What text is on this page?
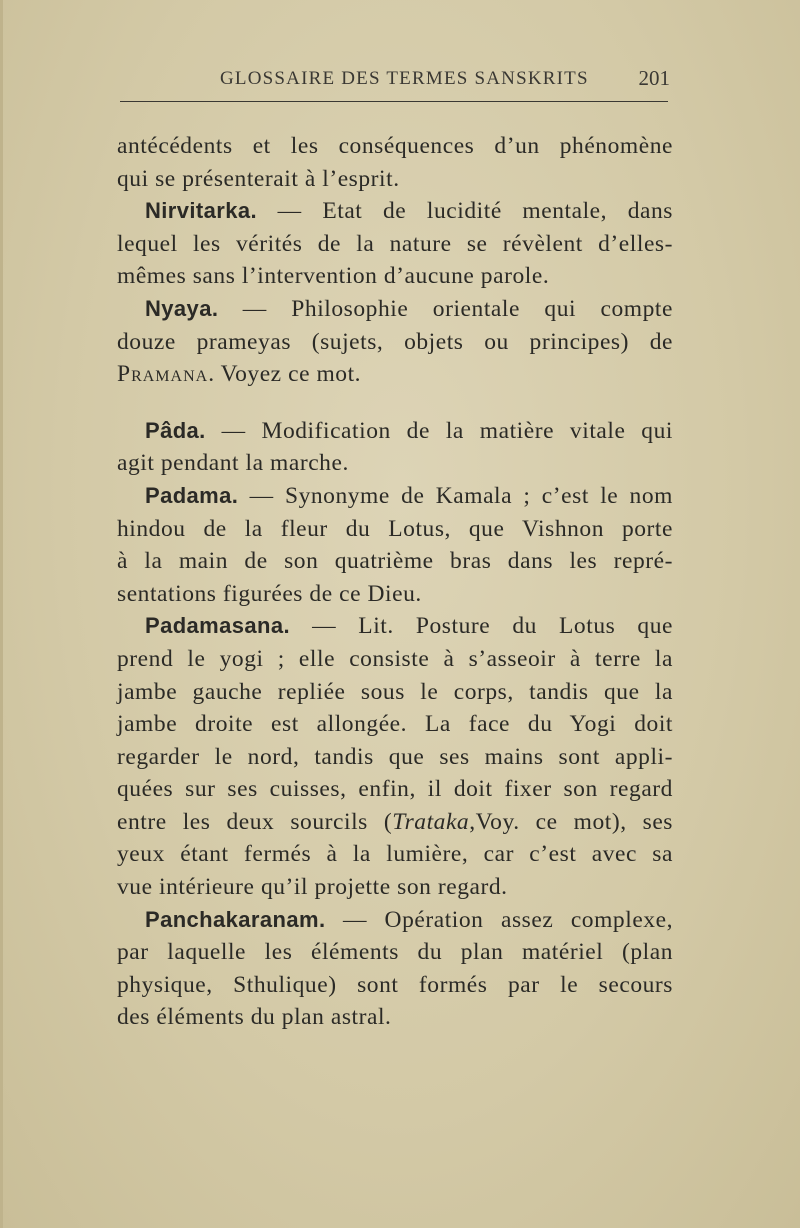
GLOSSAIRE DES TERMES SANSKRITS 201
antécédents et les conséquences d’un phénomène
qui se présenterait à l’esprit.
Nirvitarka. — Etat de lucidité mentale, dans
lequel les vérités de la nature se révèlent d’elles-
mêmes sans l’intervention d’aucune parole.
Nyaya. — Philosophie orientale qui compte
douze prameyas (sujets, objets ou principes) de
Pramana. Voyez ce mot.
Pâda. — Modification de la matière vitale qui
agit pendant la marche.
Padama. — Synonyme de Kamala ; c’est le nom
hindou de la fleur du Lotus, que Vishnon porte
à la main de son quatrième bras dans les repré-
sentations figurées de ce Dieu.
Padamasana. — Lit. Posture du Lotus que
prend le yogi ; elle consiste à s’asseoir à terre la
jambe gauche repliée sous le corps, tandis que la
jambe droite est allongée. La face du Yogi doit
regarder le nord, tandis que ses mains sont appli-
quées sur ses cuisses, enfin, il doit fixer son regard
entre les deux sourcils (Trataka,Voy. ce mot), ses
yeux étant fermés à la lumière, car c’est avec sa
vue intérieure qu’il projette son regard.
Panchakaranam. — Opération assez complexe,
par laquelle les éléments du plan matériel (plan
physique, Sthulique) sont formés par le secours
des éléments du plan astral.
